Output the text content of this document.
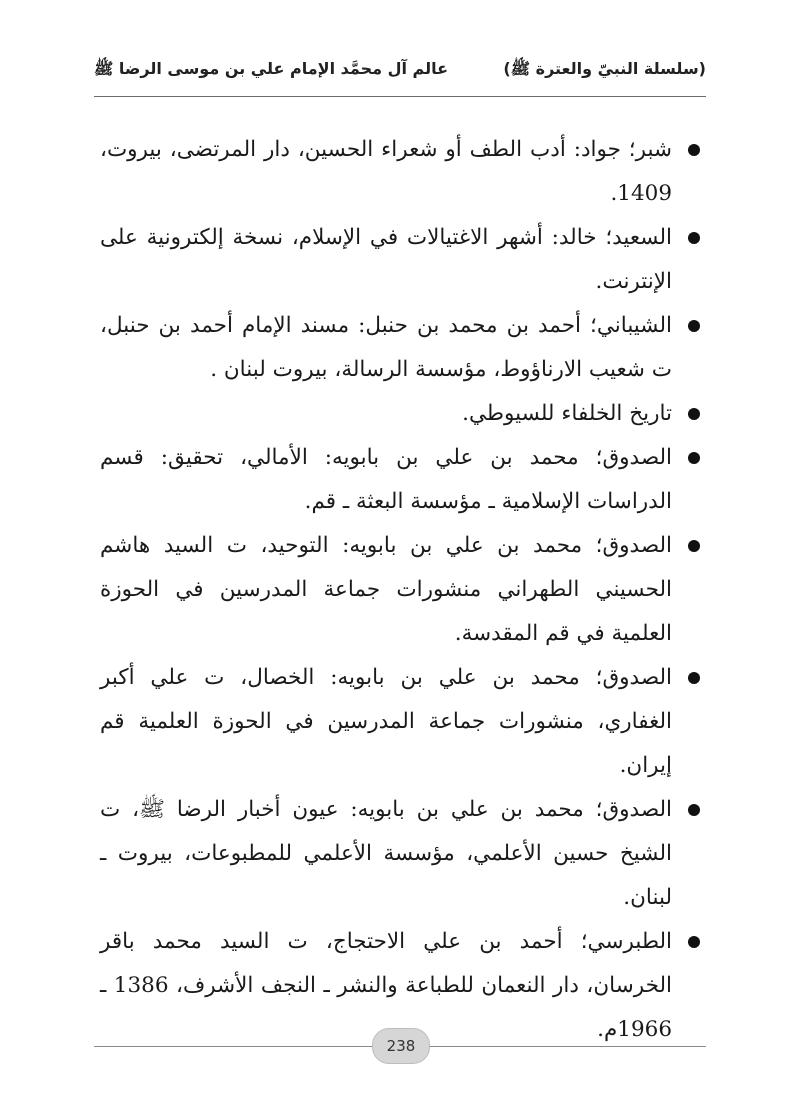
(سلسلة النبيّ والعترة ﷺ)
عالم آل محمَّد الإمام علي بن موسى الرضا ﷺ
شبر؛ جواد: أدب الطف أو شعراء الحسين، دار المرتضى، بيروت، 1409.
السعيد؛ خالد: أشهر الاغتيالات في الإسلام، نسخة إلكترونية على الإنترنت.
الشيباني؛ أحمد بن محمد بن حنبل: مسند الإمام أحمد بن حنبل، ت شعيب الارناؤوط، مؤسسة الرسالة، بيروت لبنان .
تاريخ الخلفاء للسيوطي.
الصدوق؛ محمد بن علي بن بابويه: الأمالي، تحقيق: قسم الدراسات الإسلامية ـ مؤسسة البعثة ـ قم.
الصدوق؛ محمد بن علي بن بابويه: التوحيد، ت السيد هاشم الحسيني الطهراني منشورات جماعة المدرسين في الحوزة العلمية في قم المقدسة.
الصدوق؛ محمد بن علي بن بابويه: الخصال، ت علي أكبر الغفاري، منشورات جماعة المدرسين في الحوزة العلمية قم إيران.
الصدوق؛ محمد بن علي بن بابويه: عيون أخبار الرضا ﷺ، ت الشيخ حسين الأعلمي، مؤسسة الأعلمي للمطبوعات، بيروت ـ لبنان.
الطبرسي؛ أحمد بن علي الاحتجاج، ت السيد محمد باقر الخرسان، دار النعمان للطباعة والنشر ـ النجف الأشرف، 1386 ـ 1966م.
238
